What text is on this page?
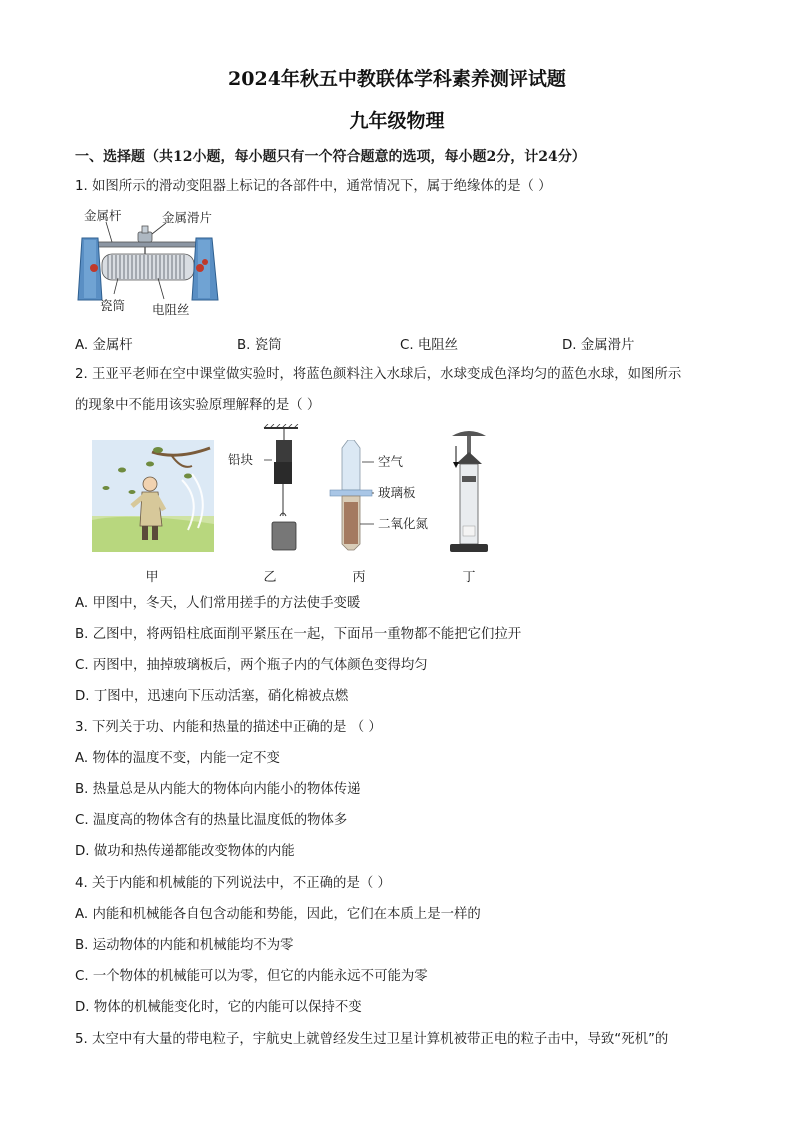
2024年秋五中教联体学科素养测评试题
九年级物理
一、选择题（共12小题，每小题只有一个符合题意的选项，每小题2分，计24分）
1. 如图所示的滑动变阻器上标记的各部件中，通常情况下，属于绝缘体的是（ ）
金属杆	金属滑片
瓷筒 电阻丝
A. 金属杆	B. 瓷筒	C. 电阻丝	D. 金属滑片
2. 王亚平老师在空中课堂做实验时，将蓝色颜料注入水球后，水球变成色泽均匀的蓝色水球，如图所示
的现象中不能用该实验原理解释的是（ ）
铅块	空气
玻璃板
二氧化氮
甲	乙	丙	丁
A. 甲图中，冬天，人们常用搓手的方法使手变暖
B. 乙图中，将两铅柱底面削平紧压在一起，下面吊一重物都不能把它们拉开
C. 丙图中，抽掉玻璃板后，两个瓶子内的气体颜色变得均匀
D. 丁图中，迅速向下压动活塞，硝化棉被点燃
3. 下列关于功、内能和热量的描述中正确的是 （ ）
A. 物体的温度不变，内能一定不变
B. 热量总是从内能大的物体向内能小的物体传递
C. 温度高的物体含有的热量比温度低的物体多
D. 做功和热传递都能改变物体的内能
4. 关于内能和机械能的下列说法中，不正确的是（ ）
A. 内能和机械能各自包含动能和势能，因此，它们在本质上是一样的
B. 运动物体的内能和机械能均不为零
C. 一个物体的机械能可以为零，但它的内能永远不可能为零
D. 物体的机械能变化时，它的内能可以保持不变
5. 太空中有大量的带电粒子，宇航史上就曾经发生过卫星计算机被带正电的粒子击中，导致“死机”的
